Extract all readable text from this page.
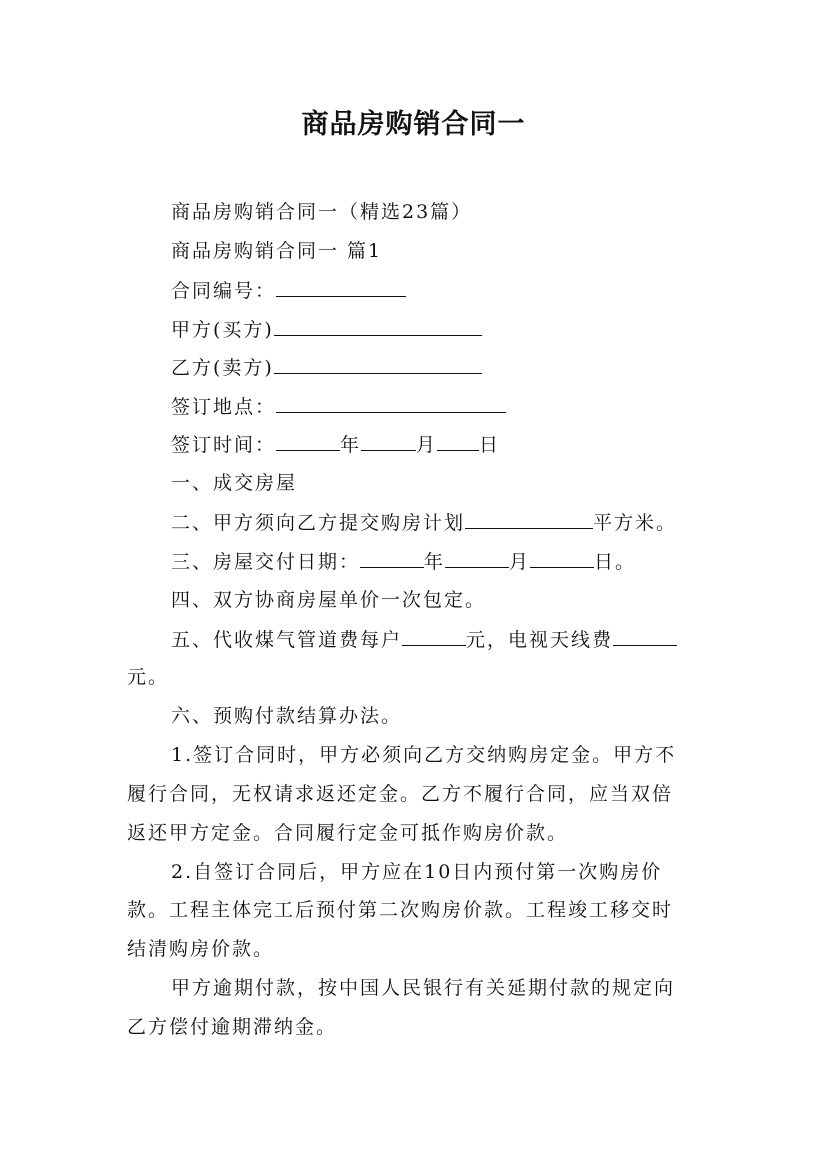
商品房购销合同一
商品房购销合同一（精选23篇）
商品房购销合同一 篇1
合同编号：
甲方(买方)
乙方(卖方)
签订地点：
签订时间：	年	月 日
一、成交房屋
二、甲方须向乙方提交购房计划	平方米。
三、房屋交付日期：	年	月	日。
四、双方协商房屋单价一次包定。
五、代收煤气管道费每户	元，电视天线费
元。
六、预购付款结算办法。
1.签订合同时，甲方必须向乙方交纳购房定金。甲方不
履行合同，无权请求返还定金。乙方不履行合同，应当双倍
返还甲方定金。合同履行定金可抵作购房价款。
2.自签订合同后，甲方应在10日内预付第一次购房价
款。工程主体完工后预付第二次购房价款。工程竣工移交时
结清购房价款。
甲方逾期付款，按中国人民银行有关延期付款的规定向
乙方偿付逾期滞纳金。
